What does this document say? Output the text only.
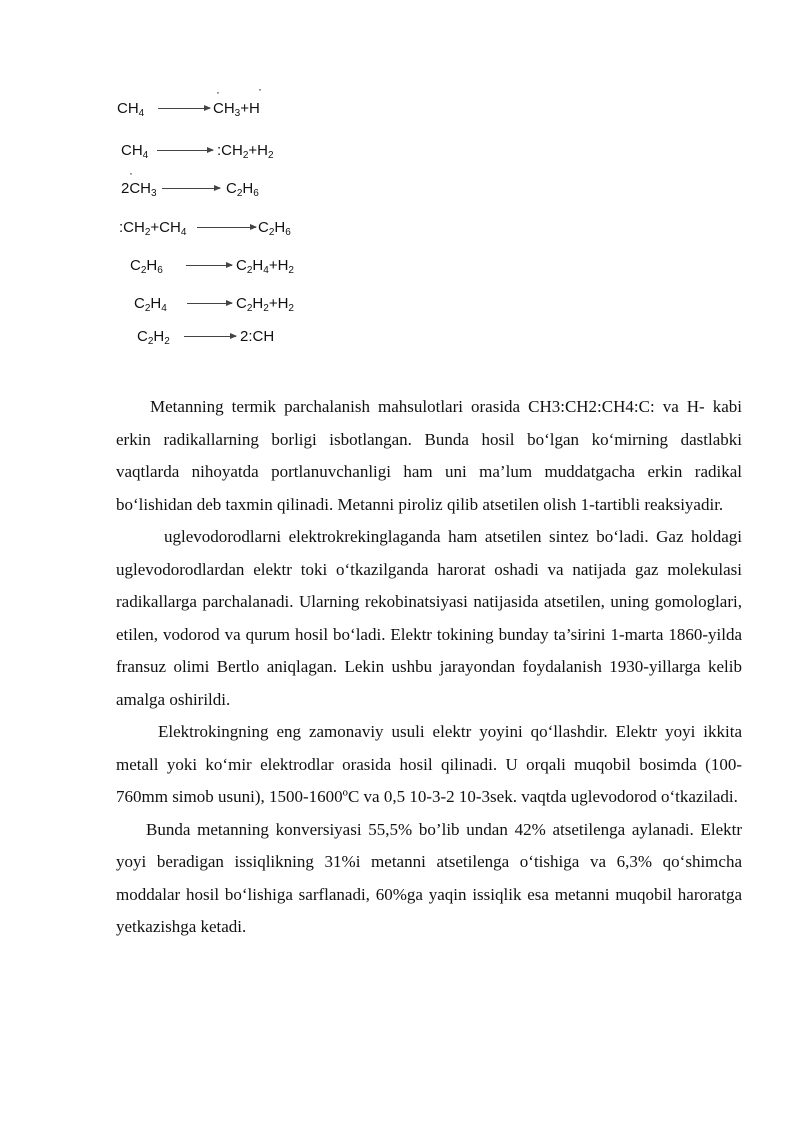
$CH_4 \to CH_3+H$
·	·
$CH_4$ → $:CH_2+H_2$
$2CH_3 \to C_2H_6$
·
$:CH_2+CH_4 \to C_2H_6$
$C_2H_6 \to C_2H_4+H_2$
$C_2H_4 \to C_2H_2+H_2$
$C_2H_2$ → 2:CH

Metanning termik parchalanish mahsulotlari orasida CH3:CH2:CH4:C: va H- kabi erkin radikallarning borligi isbotlangan. Bunda hosil bo‘lgan ko‘mirning dastlabki vaqtlarda nihoyatda portlanuvchanligi ham uni ma’lum muddatgacha erkin radikal bo‘lishidan deb taxmin qilinadi. Metanni piroliz qilib atsetilen olish 1-tartibli reaksiyadir.

uglevodorodlarni elektrokrekinglaganda ham atsetilen sintez bo‘ladi. Gaz holdagi uglevodorodlardan elektr toki o‘tkazilganda harorat oshadi va natijada gaz molekulasi radikallarga parchalanadi. Ularning rekobinatsiyasi natijasida atsetilen, uning gomologlari, etilen, vodorod va qurum hosil bo‘ladi. Elektr tokining bunday ta’sirini 1-marta 1860-yilda fransuz olimi Bertlo aniqlagan. Lekin ushbu jarayondan foydalanish 1930-yillarga kelib amalga oshirildi.

Elektrokingning eng zamonaviy usuli elektr yoyini qo‘llashdir. Elektr yoyi ikkita metall yoki ko‘mir elektrodlar orasida hosil qilinadi. U orqali muqobil bosimda (100-760mm simob usuni), 1500-1600ºC va 0,5 10-3-2 10-3sek. vaqtda uglevodorod o‘tkaziladi.

Bunda metanning konversiyasi 55,5% bo’lib undan 42% atsetilenga aylanadi. Elektr yoyi beradigan issiqlikning 31%i metanni atsetilenga o‘tishiga va 6,3% qo‘shimcha moddalar hosil bo‘lishiga sarflanadi, 60%ga yaqin issiqlik esa metanni muqobil haroratga yetkazishga ketadi.
